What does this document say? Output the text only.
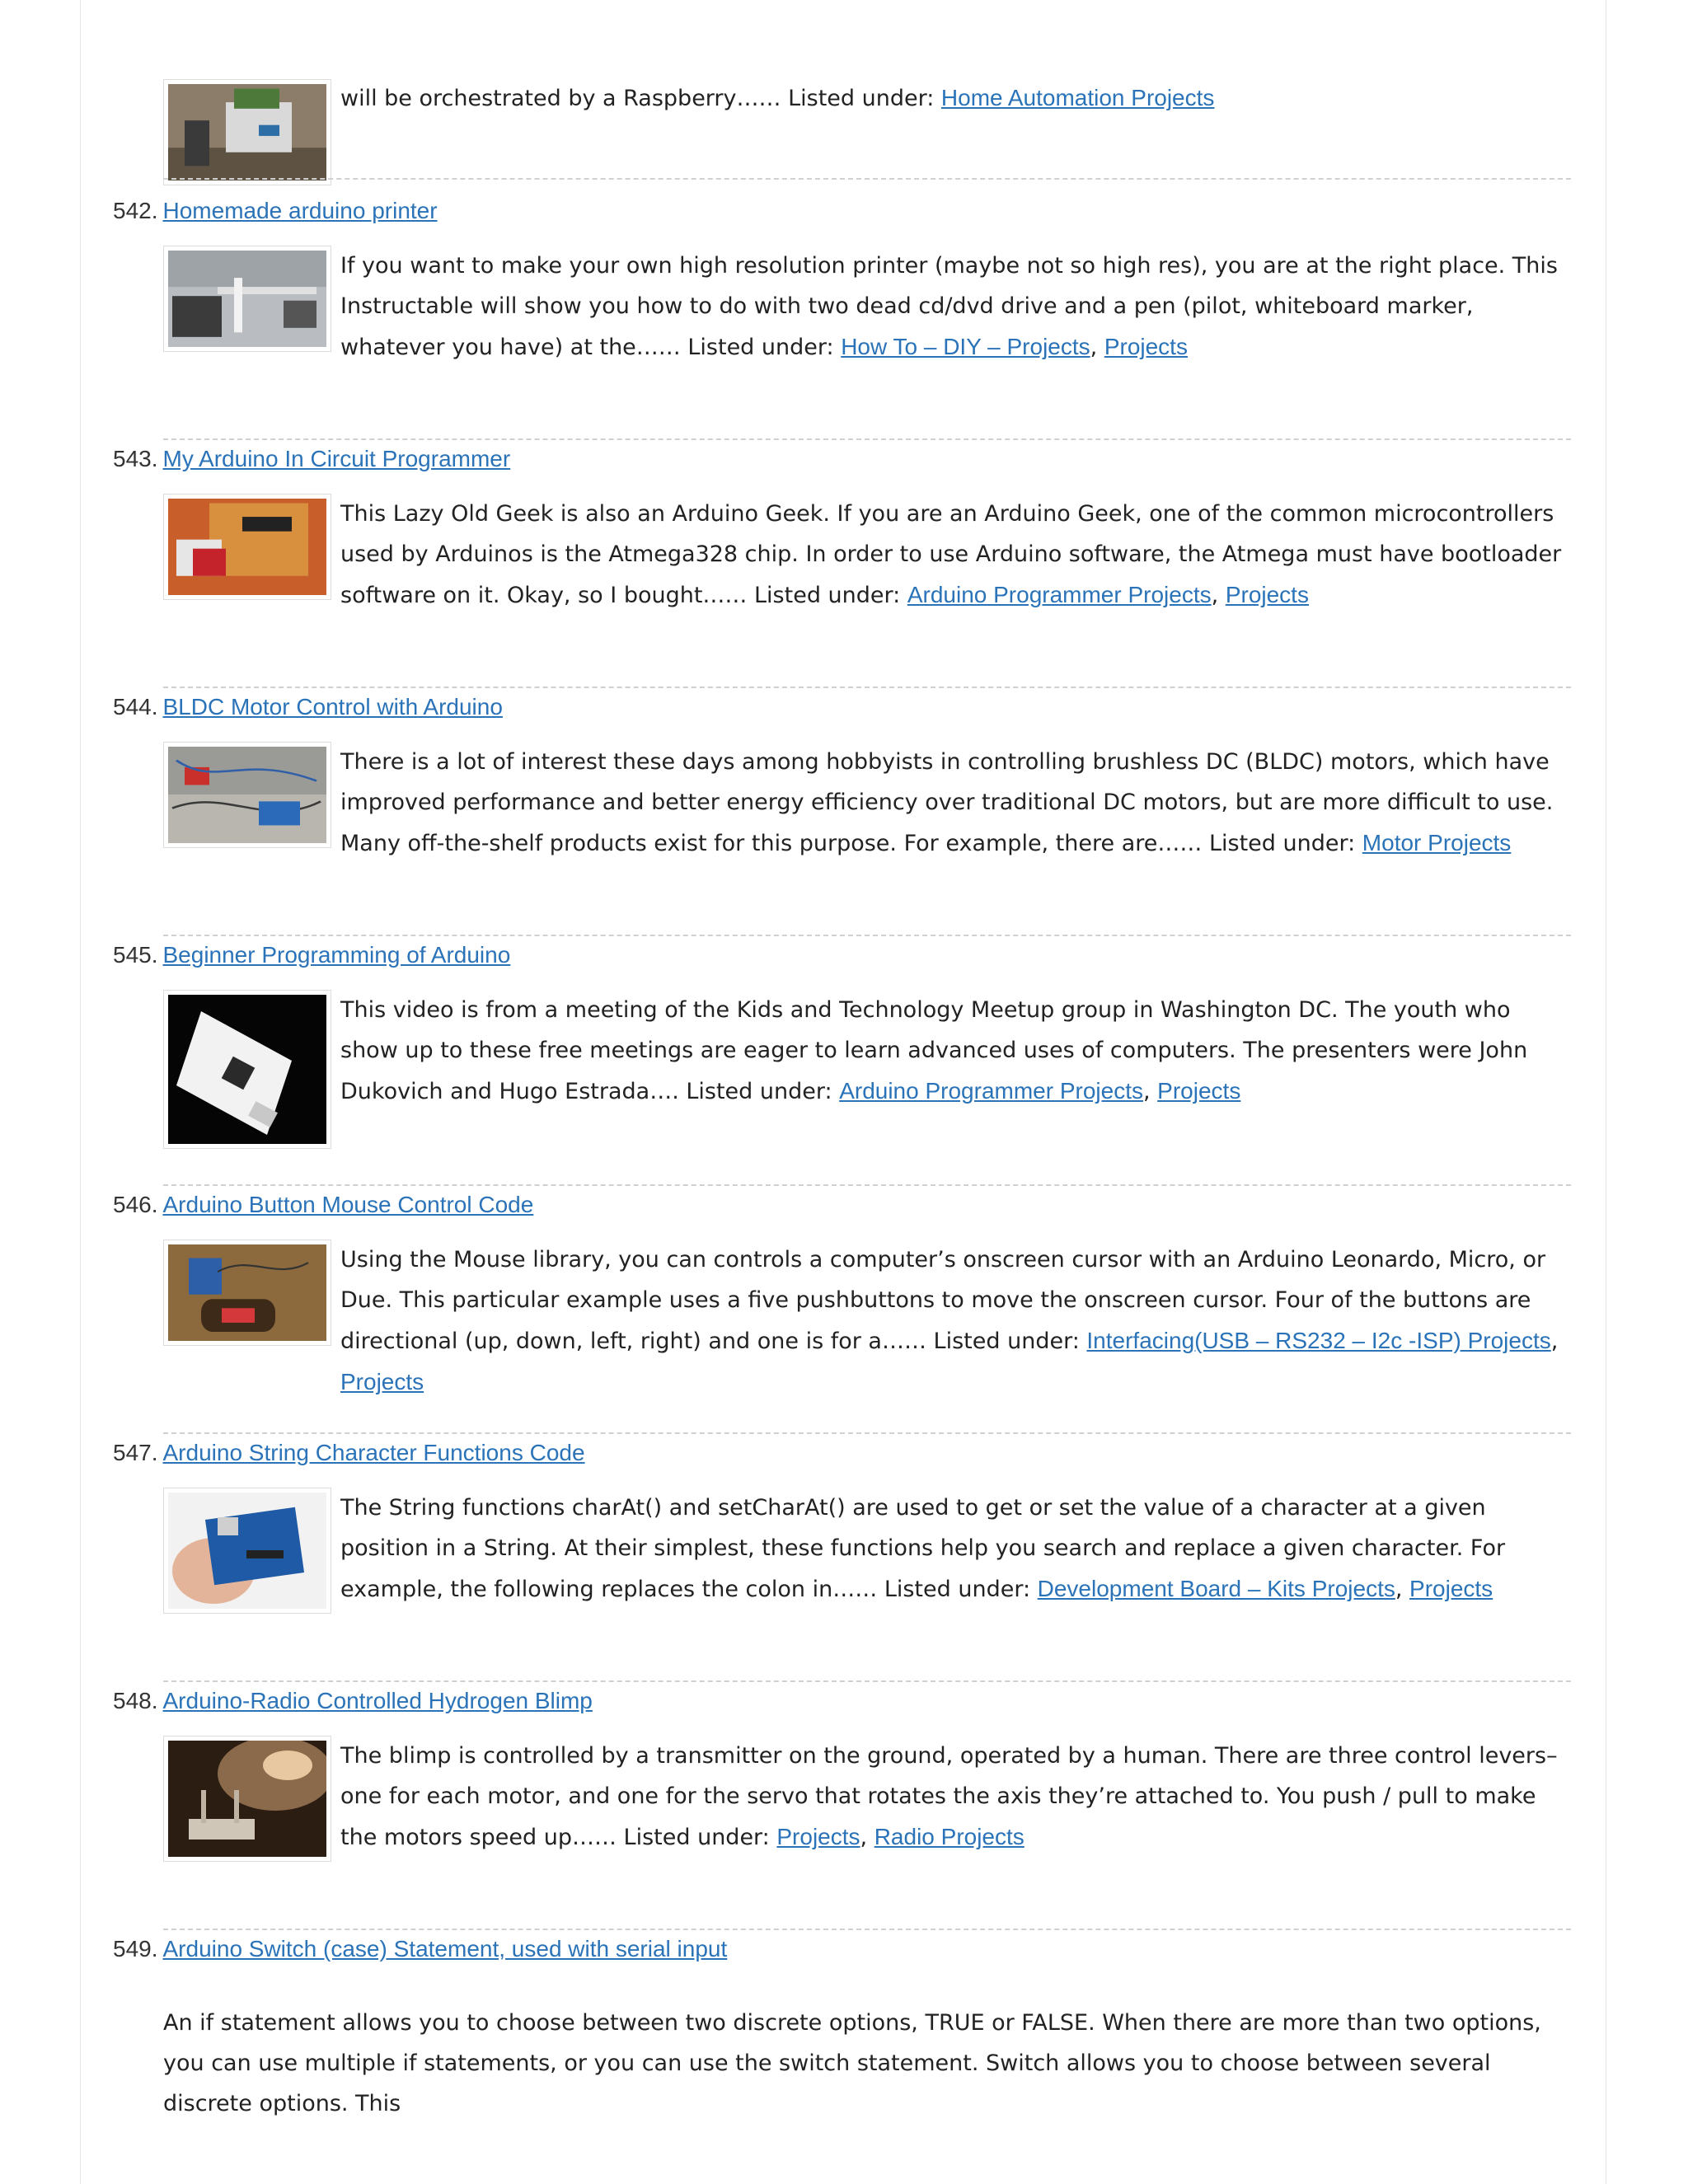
will be orchestrated by a Raspberry…… Listed under: Home Automation Projects
542. Homemade arduino printer
If you want to make your own high resolution printer (maybe not so high res), you are at the right place. This Instructable will show you how to do with two dead cd/dvd drive and a pen (pilot, whiteboard marker, whatever you have) at the…… Listed under: How To – DIY – Projects, Projects
543. My Arduino In Circuit Programmer
This Lazy Old Geek is also an Arduino Geek. If you are an Arduino Geek, one of the common microcontrollers used by Arduinos is the Atmega328 chip. In order to use Arduino software, the Atmega must have bootloader software on it. Okay, so I bought…… Listed under: Arduino Programmer Projects, Projects
544. BLDC Motor Control with Arduino
There is a lot of interest these days among hobbyists in controlling brushless DC (BLDC) motors, which have improved performance and better energy efficiency over traditional DC motors, but are more difficult to use. Many off-the-shelf products exist for this purpose. For example, there are…… Listed under: Motor Projects
545. Beginner Programming of Arduino
This video is from a meeting of the Kids and Technology Meetup group in Washington DC. The youth who show up to these free meetings are eager to learn advanced uses of computers. The presenters were John Dukovich and Hugo Estrada…. Listed under: Arduino Programmer Projects, Projects
546. Arduino Button Mouse Control Code
Using the Mouse library, you can controls a computer’s onscreen cursor with an Arduino Leonardo, Micro, or Due. This particular example uses a five pushbuttons to move the onscreen cursor. Four of the buttons are directional (up, down, left, right) and one is for a…… Listed under: Interfacing(USB – RS232 – I2c -ISP) Projects, Projects
547. Arduino String Character Functions Code
The String functions charAt() and setCharAt() are used to get or set the value of a character at a given position in a String. At their simplest, these functions help you search and replace a given character. For example, the following replaces the colon in…… Listed under: Development Board – Kits Projects, Projects
548. Arduino-Radio Controlled Hydrogen Blimp
The blimp is controlled by a transmitter on the ground, operated by a human. There are three control levers– one for each motor, and one for the servo that rotates the axis they’re attached to. You push / pull to make the motors speed up…… Listed under: Projects, Radio Projects
549. Arduino Switch (case) Statement, used with serial input
An if statement allows you to choose between two discrete options, TRUE or FALSE. When there are more than two options, you can use multiple if statements, or you can use the switch statement. Switch allows you to choose between several discrete options. This
